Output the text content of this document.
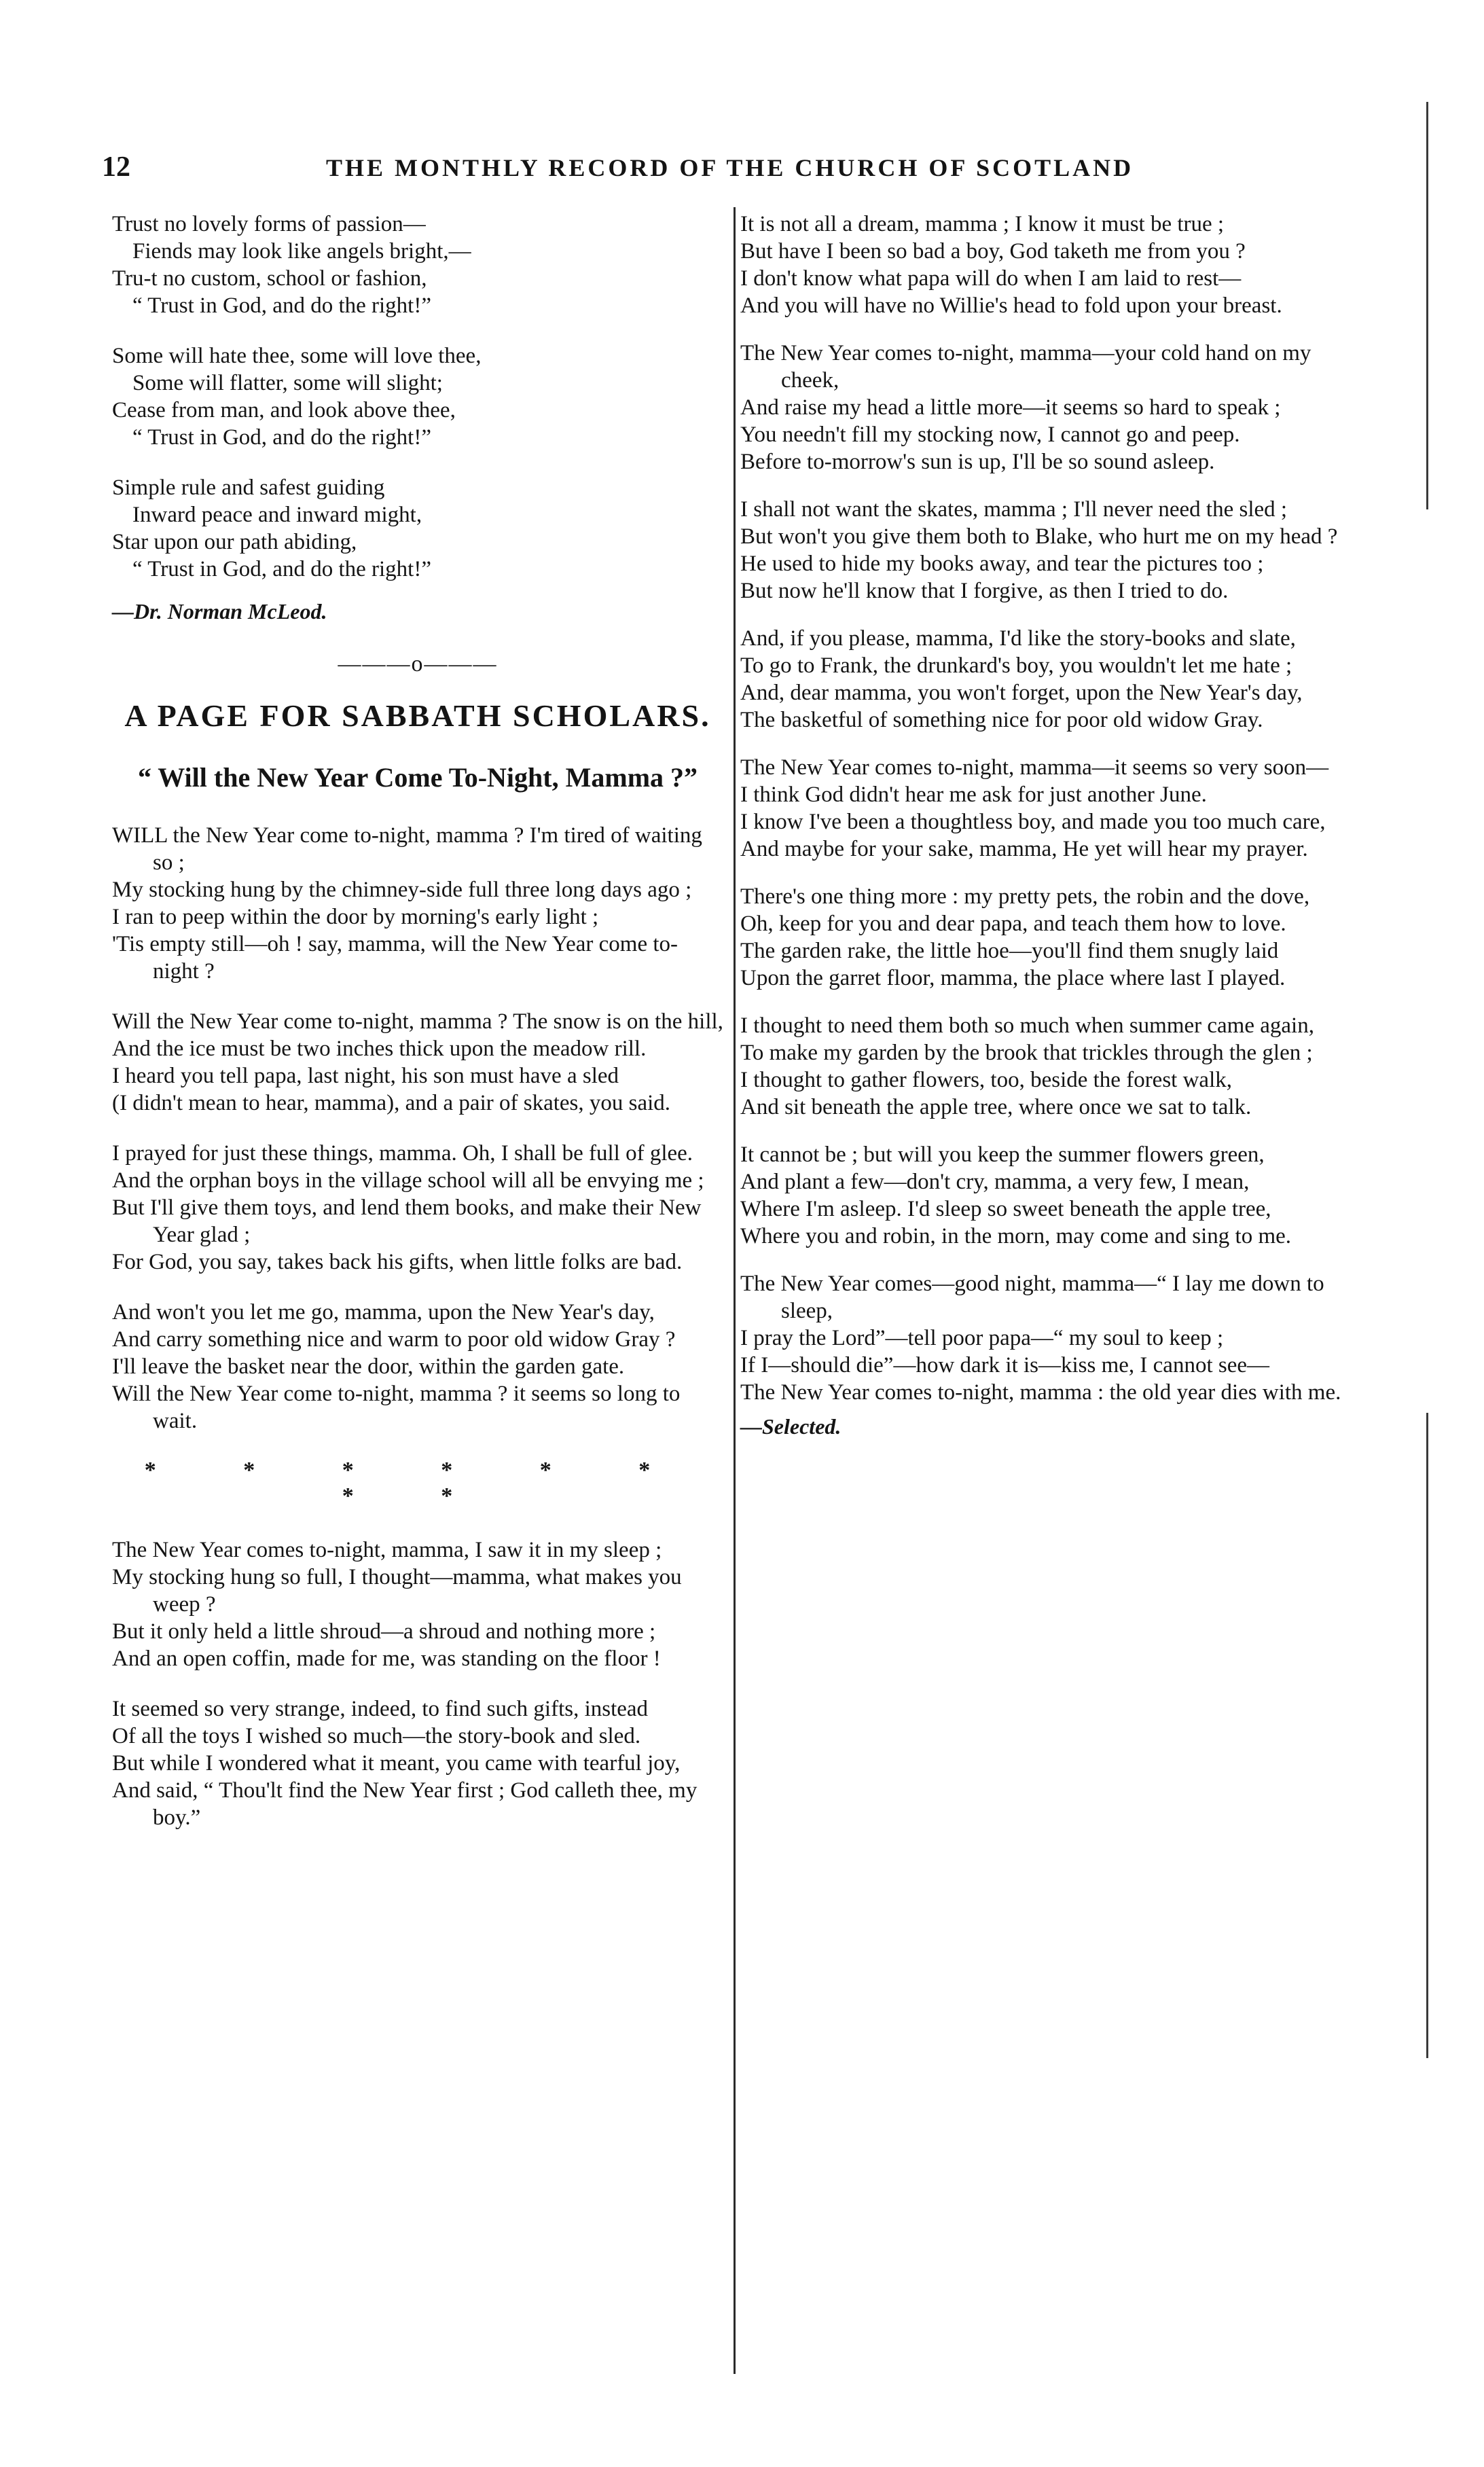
12	THE MONTHLY RECORD OF THE CHURCH OF SCOTLAND
Trust no lovely forms of passion—
Fiends may look like angels bright,—
Tru-t no custom, school or fashion,
“ Trust in God, and do the right!”
Some will hate thee, some will love thee,
Some will flatter, some will slight;
Cease from man, and look above thee,
“ Trust in God, and do the right!”
Simple rule and safest guiding
Inward peace and inward might,
Star upon our path abiding,
“ Trust in God, and do the right!”
—Dr. Norman McLeod.
———o———
A PAGE FOR SABBATH SCHOLARS.
“ Will the New Year Come To-Night, Mamma ?”
WILL the New Year come to-night, mamma ? I'm tired of waiting so ;
My stocking hung by the chimney-side full three long days ago ;
I ran to peep within the door by morning's early light ;
'Tis empty still—oh ! say, mamma, will the New Year come to-night ?
Will the New Year come to-night, mamma ? The snow is on the hill,
And the ice must be two inches thick upon the meadow rill.
I heard you tell papa, last night, his son must have a sled
(I didn't mean to hear, mamma), and a pair of skates, you said.
I prayed for just these things, mamma. Oh, I shall be full of glee.
And the orphan boys in the village school will all be envying me ;
But I'll give them toys, and lend them books, and make their New Year glad ;
For God, you say, takes back his gifts, when little folks are bad.
And won't you let me go, mamma, upon the New Year's day,
And carry something nice and warm to poor old widow Gray ?
I'll leave the basket near the door, within the garden gate.
Will the New Year come to-night, mamma ? it seems so long to wait.
* * * * * * * *
The New Year comes to-night, mamma, I saw it in my sleep ;
My stocking hung so full, I thought—mamma, what makes you weep ?
But it only held a little shroud—a shroud and nothing more ;
And an open coffin, made for me, was standing on the floor !
It seemed so very strange, indeed, to find such gifts, instead
Of all the toys I wished so much—the story-book and sled.
But while I wondered what it meant, you came with tearful joy,
And said, “ Thou'lt find the New Year first ; God calleth thee, my boy.”
It is not all a dream, mamma ; I know it must be true ;
But have I been so bad a boy, God taketh me from you ?
I don't know what papa will do when I am laid to rest—
And you will have no Willie's head to fold upon your breast.
The New Year comes to-night, mamma—your cold hand on my cheek,
And raise my head a little more—it seems so hard to speak ;
You needn't fill my stocking now, I cannot go and peep.
Before to-morrow's sun is up, I'll be so sound asleep.
I shall not want the skates, mamma ; I'll never need the sled ;
But won't you give them both to Blake, who hurt me on my head ?
He used to hide my books away, and tear the pictures too ;
But now he'll know that I forgive, as then I tried to do.
And, if you please, mamma, I'd like the story-books and slate,
To go to Frank, the drunkard's boy, you wouldn't let me hate ;
And, dear mamma, you won't forget, upon the New Year's day,
The basketful of something nice for poor old widow Gray.
The New Year comes to-night, mamma—it seems so very soon—
I think God didn't hear me ask for just another June.
I know I've been a thoughtless boy, and made you too much care,
And maybe for your sake, mamma, He yet will hear my prayer.
There's one thing more : my pretty pets, the robin and the dove,
Oh, keep for you and dear papa, and teach them how to love.
The garden rake, the little hoe—you'll find them snugly laid
Upon the garret floor, mamma, the place where last I played.
I thought to need them both so much when summer came again,
To make my garden by the brook that trickles through the glen ;
I thought to gather flowers, too, beside the forest walk,
And sit beneath the apple tree, where once we sat to talk.
It cannot be ; but will you keep the summer flowers green,
And plant a few—don't cry, mamma, a very few, I mean,
Where I'm asleep. I'd sleep so sweet beneath the apple tree,
Where you and robin, in the morn, may come and sing to me.
The New Year comes—good night, mamma—“ I lay me down to sleep,
I pray the Lord”—tell poor papa—“ my soul to keep ;
If I—should die”—how dark it is—kiss me, I cannot see—
The New Year comes to-night, mamma : the old year dies with me.
—Selected.
